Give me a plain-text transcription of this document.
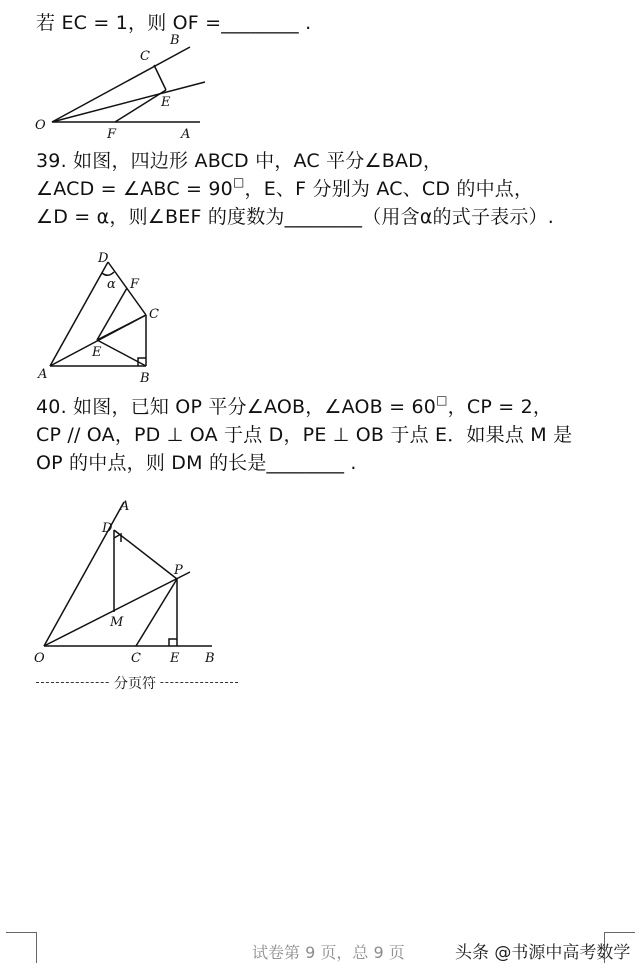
若 EC = 1，则 OF =________ .
B
C
E
O
F	A
39. 如图，四边形 ABCD 中，AC 平分∠BAD，
∠ACD = ∠ABC = 90□，E、F 分别为 AC、CD 的中点，
∠D = α，则∠BEF 的度数为________（用含α的式子表示）.
D
α F
C
E
A	B
40. 如图，已知 OP 平分∠AOB，∠AOB = 60□，CP = 2，
CP // OA，PD ⊥ OA 于点 D，PE ⊥ OB 于点 E．如果点 M 是
OP 的中点，则 DM 的长是________ .
A
D
P
M
O	C E B
分页符
试卷第 9 页，总 9 页	头条 @书源中高考数学
